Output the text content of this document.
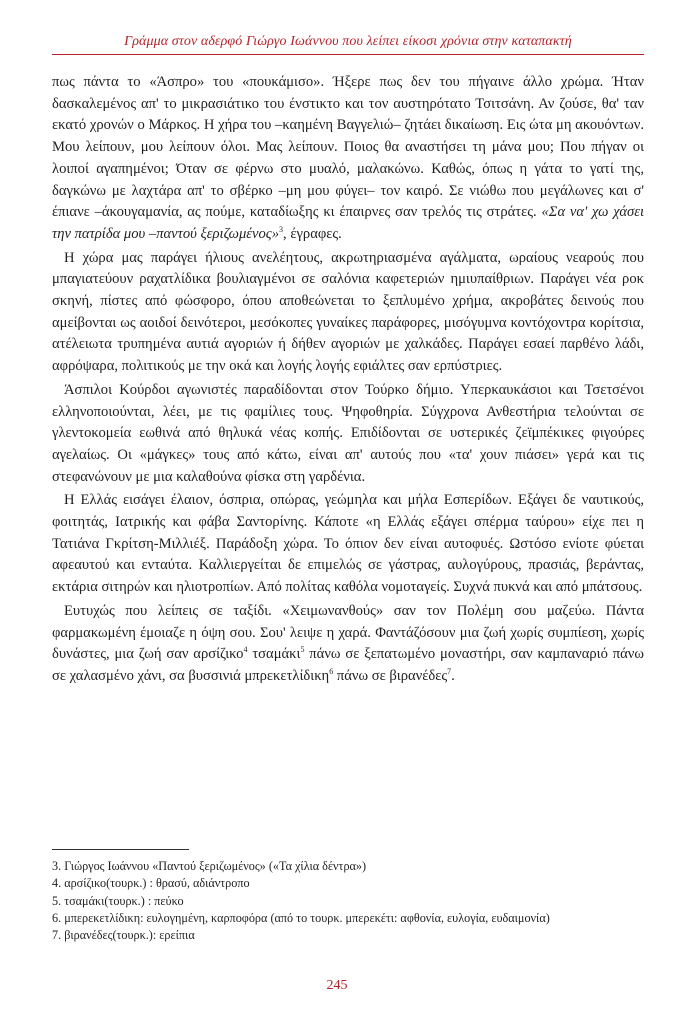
Γράμμα στον αδερφό Γιώργο Ιωάννου που λείπει είκοσι χρόνια στην καταπακτή

πως πάντα το «Άσπρο» του «πουκάμισο». Ήξερε πως δεν του πήγαινε άλλο χρώμα. Ήταν δασκαλεμένος απ' το μικρασιάτικο του ένστικτο και τον αυστηρότατο Τσιτσάνη. Αν ζούσε, θα' ταν εκατό χρονών ο Μάρκος. Η χήρα του –καημένη Βαγγελιώ– ζητάει δικαίωση. Εις ώτα μη ακουόντων. Μου λείπουν, μου λείπουν όλοι. Μας λείπουν. Ποιος θα αναστήσει τη μάνα μου; Που πήγαν οι λοιποί αγαπημένοι; Όταν σε φέρνω στο μυαλό, μαλακώνω. Καθώς, όπως η γάτα το γατί της, δαγκώνω με λαχτάρα απ' το σβέρκο –μη μου φύγει– τον καιρό. Σε νιώθω που μεγάλωνες και σ' έπιανε –άκουγαμανία, ας πούμε, καταδίωξης κι έπαιρνες σαν τρελός τις στράτες. «Σα να' χω χάσει την πατρίδα μου –παντού ξεριζωμένος»$^3$, έγραφες.

Η χώρα μας παράγει ήλιους ανελέητους, ακρωτηριασμένα αγάλματα, ωραίους νεαρούς που μπαγιατεύουν ραχατλίδικα βουλιαγμένοι σε σαλόνια καφετεριών ημιυπαίθριων. Παράγει νέα ροκ σκηνή, πίστες από φώσφορο, όπου αποθεώνεται το ξεπλυμένο χρήμα, ακροβάτες δεινούς που αμείβονται ως αοιδοί δεινότεροι, μεσόκοπες γυναίκες παράφορες, μισόγυμνα κοντόχοντρα κορίτσια, ατέλειωτα τρυπημένα αυτιά αγοριών ή δήθεν αγοριών με χαλκάδες. Παράγει εσαεί παρθένο λάδι, αφρόψαρα, πολιτικούς με την οκά και λογής λογής εφιάλτες σαν ερπύστριες.

Άσπιλοι Κούρδοι αγωνιστές παραδίδονται στον Τούρκο δήμιο. Υπερκαυκάσιοι και Τσετσένοι ελληνοποιούνται, λέει, με τις φαμίλιες τους. Ψηφοθηρία. Σύγχρονα Ανθεστήρια τελούνται σε γλεντοκομεία εωθινά από θηλυκά νέας κοπής. Επιδίδονται σε υστερικές ζεϊμπέκικες φιγούρες αγελαίως. Οι «μάγκες» τους από κάτω, είναι απ' αυτούς που «τα' χουν πιάσει» γερά και τις στεφανώνουν με μια καλαθούνα φίσκα στη γαρδένια.

Η Ελλάς εισάγει έλαιον, όσπρια, οπώρας, γεώμηλα και μήλα Εσπερίδων. Εξάγει δε ναυτικούς, φοιτητάς, Ιατρικής και φάβα Σαντορίνης. Κάποτε «η Ελλάς εξάγει σπέρμα ταύρου» είχε πει η Τατιάνα Γκρίτση-Μιλλιέξ. Παράδοξη χώρα. Το όπιον δεν είναι αυτοφυές. Ωστόσο ενίοτε φύεται αφεαυτού και ενταύτα. Καλλιεργείται δε επιμελώς σε γάστρας, αυλογύρους, πρασιάς, βεράντας, εκτάρια σιτηρών και ηλιοτροπίων. Από πολίτας καθόλα νομοταγείς. Συχνά πυκνά και από μπάτσους.

Ευτυχώς που λείπεις σε ταξίδι. «Χειμωνανθούς» σαν τον Πολέμη σου μαζεύω. Πάντα φαρμακωμένη έμοιαζε η όψη σου. Σου' λειψε η χαρά. Φαντάζόσουν μια ζωή χωρίς συμπίεση, χωρίς δυνάστες, μια ζωή σαν αρσίζικο$^4$ τσαμάκι$^5$ πάνω σε ξεπατωμένο μοναστήρι, σαν καμπαναριό πάνω σε χαλασμένο χάνι, σα βυσσινιά μπρεκετλίδικη$^6$ πάνω σε βιρανέδες$^7$.

3. Γιώργος Ιωάννου «Παντού ξεριζωμένος» («Τα χίλια δέντρα»)
4. αρσίζικο(τουρκ.) : θρασύ, αδιάντροπο
5. τσαμάκι(τουρκ.) : πεύκο
6. μπερεκετλίδικη: ευλογημένη, καρποφόρα (από το τουρκ. μπερεκέτι: αφθονία, ευλογία, ευδαιμονία)
7. βιρανέδες(τουρκ.): ερείπια
245
